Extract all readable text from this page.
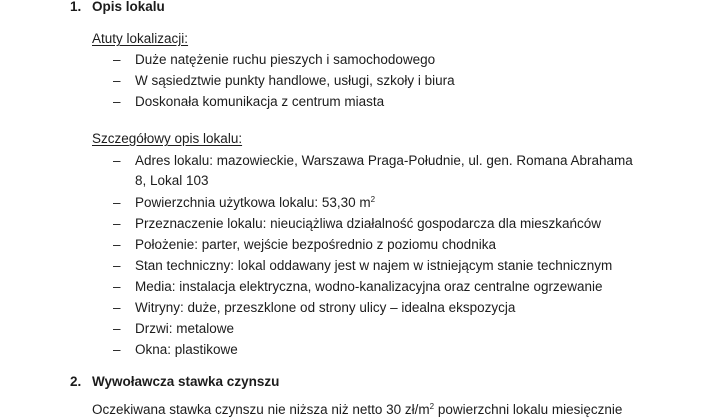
1. Opis lokalu
Atuty lokalizacji:
– Duże natężenie ruchu pieszych i samochodowego
– W sąsiedztwie punkty handlowe, usługi, szkoły i biura
– Doskonała komunikacja z centrum miasta
Szczegółowy opis lokalu:
– Adres lokalu: mazowieckie, Warszawa Praga-Południe, ul. gen. Romana Abrahama
8, Lokal 103
– Powierzchnia użytkowa lokalu: 53,30 $m^2$
– Przeznaczenie lokalu: nieuciążliwa działalność gospodarcza dla mieszkańców
– Położenie: parter, wejście bezpośrednio z poziomu chodnika
– Stan techniczny: lokal oddawany jest w najem w istniejącym stanie technicznym
– Media: instalacja elektryczna, wodno-kanalizacyjna oraz centralne ogrzewanie
– Witryny: duże, przeszklone od strony ulicy – idealna ekspozycja
– Drzwi: metalowe
– Okna: plastikowe
2. Wywoławcza stawka czynszu
Oczekiwana stawka czynszu nie niższa niż netto 30 $zł/m^2$ powierzchni lokalu miesięcznie
